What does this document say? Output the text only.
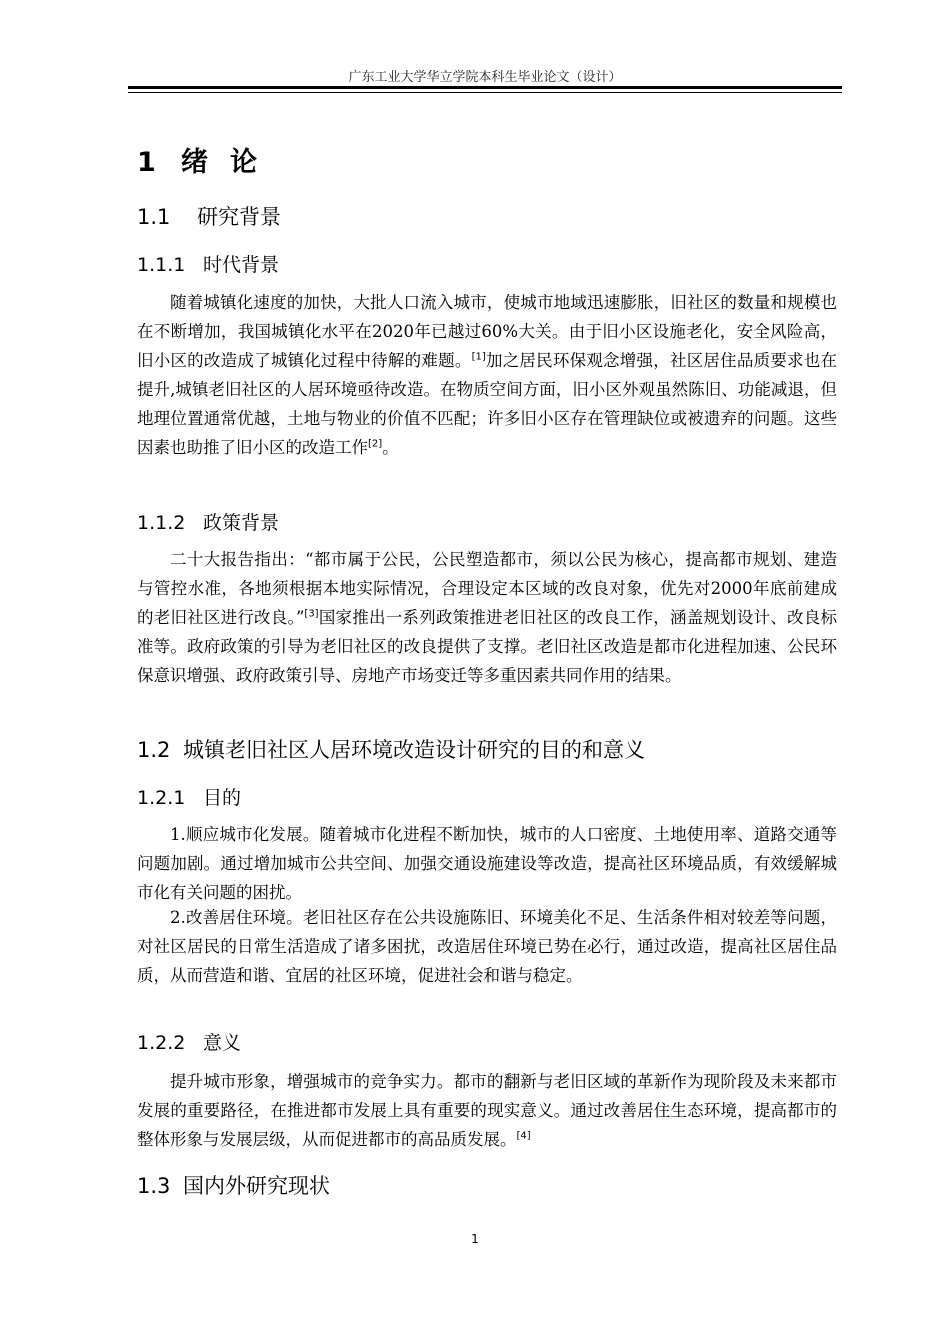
广东工业大学华立学院本科生毕业论文（设计）
1 绪论
1.1 研究背景
1.1.1 时代背景

随着城镇化速度的加快，大批人口流入城市，使城市地域迅速膨胀，旧社区的数量和规模也在不断增加，我国城镇化水平在2020年已越过60%大关。由于旧小区设施老化，安全风险高，旧小区的改造成了城镇化过程中待解的难题。[1]加之居民环保观念增强，社区居住品质要求也在提升,城镇老旧社区的人居环境亟待改造。在物质空间方面，旧小区外观虽然陈旧、功能减退，但地理位置通常优越，土地与物业的价值不匹配；许多旧小区存在管理缺位或被遗弃的问题。这些因素也助推了旧小区的改造工作[2]。

1.1.2 政策背景

二十大报告指出：“都市属于公民，公民塑造都市，须以公民为核心，提高都市规划、建造与管控水准，各地须根据本地实际情况，合理设定本区域的改良对象，优先对2000年底前建成的老旧社区进行改良。”[3]国家推出一系列政策推进老旧社区的改良工作，涵盖规划设计、改良标准等。政府政策的引导为老旧社区的改良提供了支撑。老旧社区改造是都市化进程加速、公民环保意识增强、政府政策引导、房地产市场变迁等多重因素共同作用的结果。

1.2 城镇老旧社区人居环境改造设计研究的目的和意义
1.2.1 目的

1.顺应城市化发展。随着城市化进程不断加快，城市的人口密度、土地使用率、道路交通等问题加剧。通过增加城市公共空间、加强交通设施建设等改造，提高社区环境品质，有效缓解城市化有关问题的困扰。

2.改善居住环境。老旧社区存在公共设施陈旧、环境美化不足、生活条件相对较差等问题，对社区居民的日常生活造成了诸多困扰，改造居住环境已势在必行，通过改造，提高社区居住品质，从而营造和谐、宜居的社区环境，促进社会和谐与稳定。

1.2.2 意义

提升城市形象，增强城市的竞争实力。都市的翻新与老旧区域的革新作为现阶段及未来都市发展的重要路径，在推进都市发展上具有重要的现实意义。通过改善居住生态环境，提高都市的整体形象与发展层级，从而促进都市的高品质发展。[4]

1.3 国内外研究现状
1
